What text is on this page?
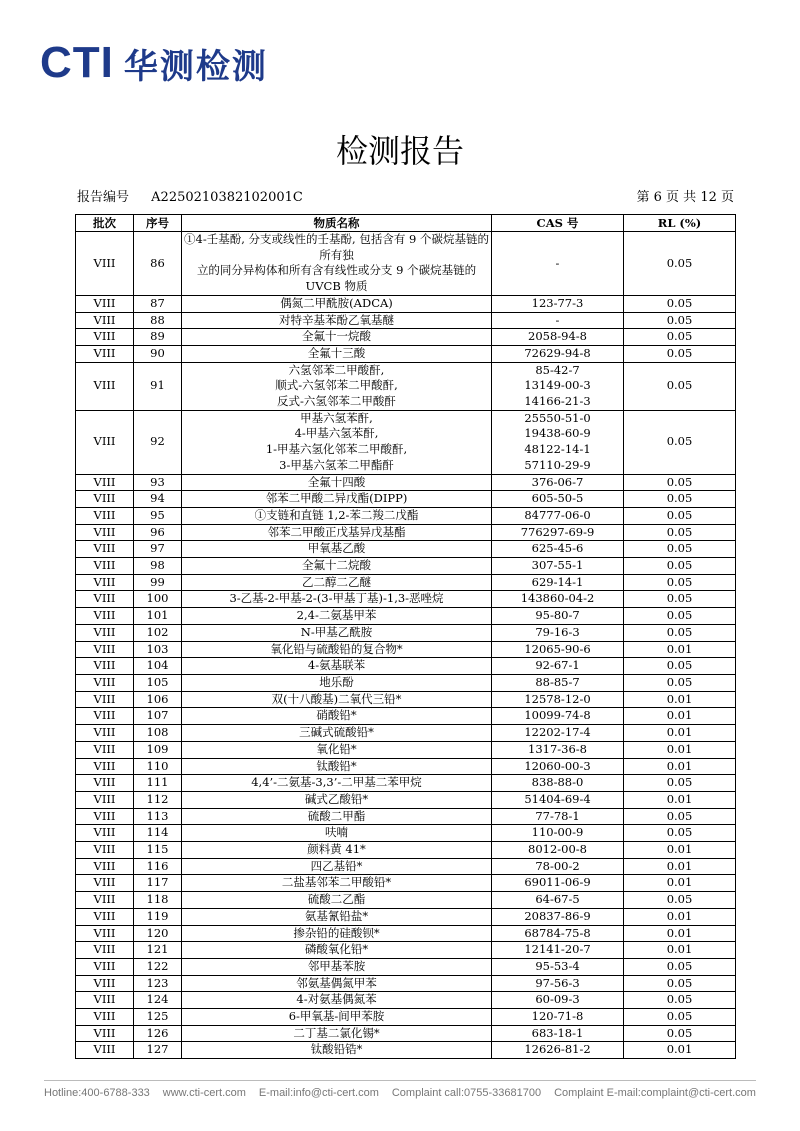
CTI 华测检测
检测报告
报告编号 A2250210382102001C	第 6 页 共 12 页
批次	序号	物质名称	CAS 号	RL (%)
VIII	86	①4-壬基酚, 分支或线性的壬基酚, 包括含有 9 个碳烷基链的所有独
立的同分异构体和所有含有线性或分支 9 个碳烷基链的
UVCB 物质	-	0.05
VIII	87	偶氮二甲酰胺(ADCA)	123-77-3	0.05
VIII	88	对特辛基苯酚乙氧基醚	-	0.05
VIII	89	全氟十一烷酸	2058-94-8	0.05
VIII	90	全氟十三酸	72629-94-8	0.05
VIII	91	六氢邻苯二甲酸酐,
顺式-六氢邻苯二甲酸酐,
反式-六氢邻苯二甲酸酐	85-42-7
13149-00-3
14166-21-3	0.05
VIII	92	甲基六氢苯酐,
4-甲基六氢苯酐,
1-甲基六氢化邻苯二甲酸酐,
3-甲基六氢苯二甲酯酐	25550-51-0
19438-60-9
48122-14-1
57110-29-9	0.05
VIII	93	全氟十四酸	376-06-7	0.05
VIII	94	邻苯二甲酸二异戊酯(DIPP)	605-50-5	0.05
VIII	95	①支链和直链 1,2-苯二羧二戊酯	84777-06-0	0.05
VIII	96	邻苯二甲酸正戊基异戊基酯	776297-69-9	0.05
VIII	97	甲氧基乙酸	625-45-6	0.05
VIII	98	全氟十二烷酸	307-55-1	0.05
VIII	99	乙二醇二乙醚	629-14-1	0.05
VIII	100	3-乙基-2-甲基-2-(3-甲基丁基)-1,3-恶唑烷	143860-04-2	0.05
VIII	101	2,4-二氨基甲苯	95-80-7	0.05
VIII	102	N-甲基乙酰胺	79-16-3	0.05
VIII	103	氧化铅与硫酸铅的复合物*	12065-90-6	0.01
VIII	104	4-氨基联苯	92-67-1	0.05
VIII	105	地乐酚	88-85-7	0.05
VIII	106	双(十八酸基)二氧代三铅*	12578-12-0	0.01
VIII	107	硝酸铅*	10099-74-8	0.01
VIII	108	三碱式硫酸铅*	12202-17-4	0.01
VIII	109	氧化铅*	1317-36-8	0.01
VIII	110	钛酸铅*	12060-00-3	0.01
VIII	111	4,4’-二氨基-3,3’-二甲基二苯甲烷	838-88-0	0.05
VIII	112	碱式乙酸铅*	51404-69-4	0.01
VIII	113	硫酸二甲酯	77-78-1	0.05
VIII	114	呋喃	110-00-9	0.05
VIII	115	颜料黄 41*	8012-00-8	0.01
VIII	116	四乙基铅*	78-00-2	0.01
VIII	117	二盐基邻苯二甲酸铅*	69011-06-9	0.01
VIII	118	硫酸二乙酯	64-67-5	0.05
VIII	119	氨基氰铅盐*	20837-86-9	0.01
VIII	120	掺杂铅的硅酸钡*	68784-75-8	0.01
VIII	121	磷酸氧化铅*	12141-20-7	0.01
VIII	122	邻甲基苯胺	95-53-4	0.05
VIII	123	邻氨基偶氮甲苯	97-56-3	0.05
VIII	124	4-对氨基偶氮苯	60-09-3	0.05
VIII	125	6-甲氧基-间甲苯胺	120-71-8	0.05
VIII	126	二丁基二氯化锡*	683-18-1	0.05
VIII	127	钛酸铅锆*	12626-81-2	0.01
Hotline:400-6788-333 www.cti-cert.com E-mail:info@cti-cert.com Complaint call:0755-33681700 Complaint E-mail:complaint@cti-cert.com
